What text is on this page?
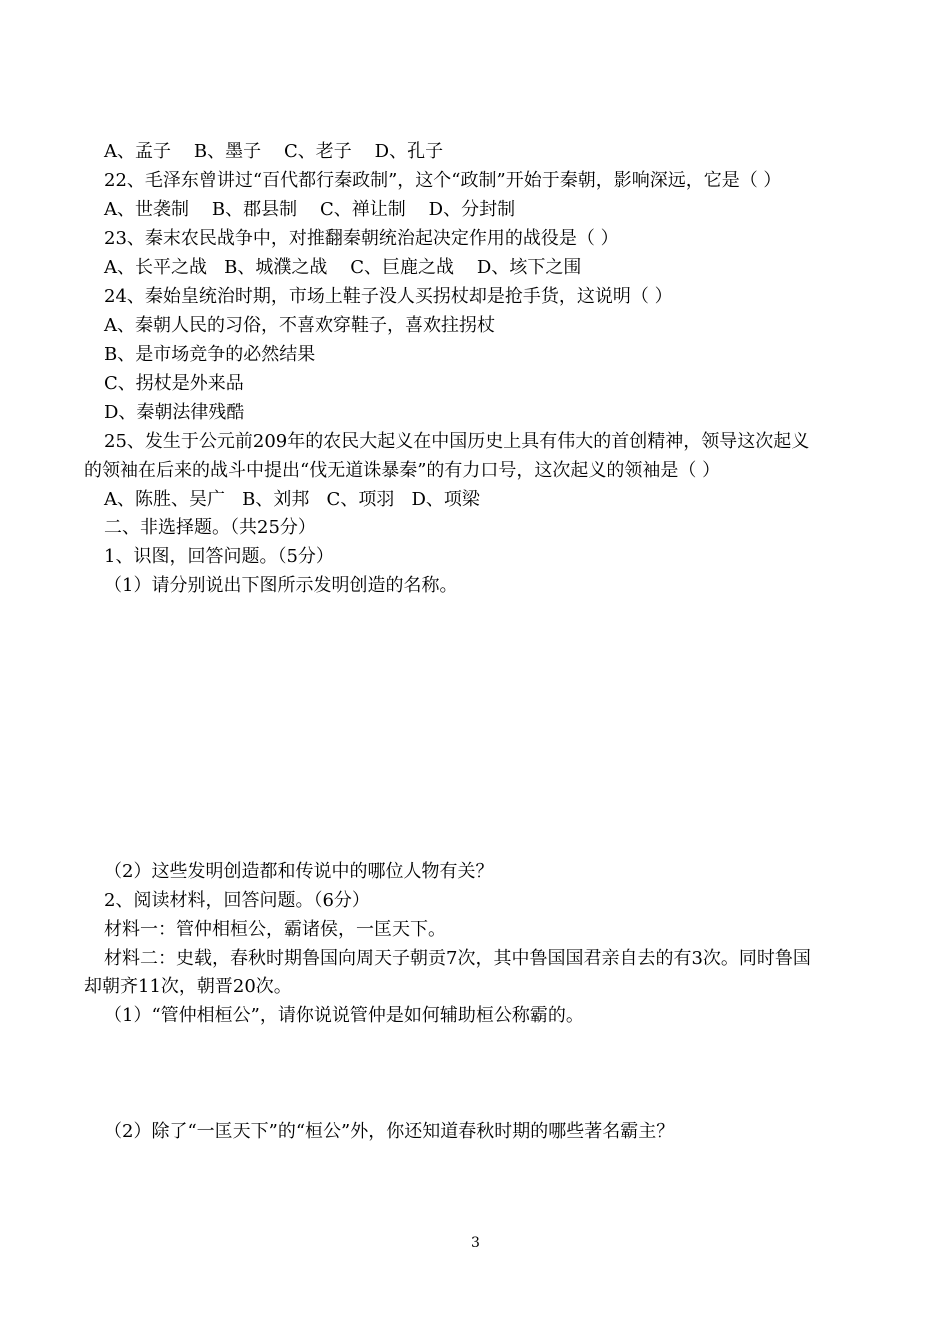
A、孟子    B、墨子    C、老子    D、孔子
22、毛泽东曾讲过“百代都行秦政制”，这个“政制”开始于秦朝，影响深远，它是（ ）
A、世袭制    B、郡县制    C、禅让制    D、分封制
23、秦末农民战争中，对推翻秦朝统治起决定作用的战役是（ ）
A、长平之战   B、城濮之战    C、巨鹿之战    D、垓下之围
24、秦始皇统治时期，市场上鞋子没人买拐杖却是抢手货，这说明（ ）
A、秦朝人民的习俗，不喜欢穿鞋子，喜欢拄拐杖
B、是市场竞争的必然结果
C、拐杖是外来品
D、秦朝法律残酷
25、发生于公元前209年的农民大起义在中国历史上具有伟大的首创精神，领导这次起义
的领袖在后来的战斗中提出“伐无道诛暴秦”的有力口号，这次起义的领袖是（ ）
A、陈胜、吴广   B、刘邦   C、项羽   D、项梁
二、非选择题。（共25分）
1、识图，回答问题。（5分）
（1）请分别说出下图所示发明创造的名称。
（2）这些发明创造都和传说中的哪位人物有关？
2、阅读材料，回答问题。（6分）
材料一：管仲相桓公，霸诸侯，一匡天下。
材料二：史载，春秋时期鲁国向周天子朝贡7次，其中鲁国国君亲自去的有3次。同时鲁国
却朝齐11次，朝晋20次。
（1）“管仲相桓公”，请你说说管仲是如何辅助桓公称霸的。
（2）除了“一匡天下”的“桓公”外，你还知道春秋时期的哪些著名霸主？
3
